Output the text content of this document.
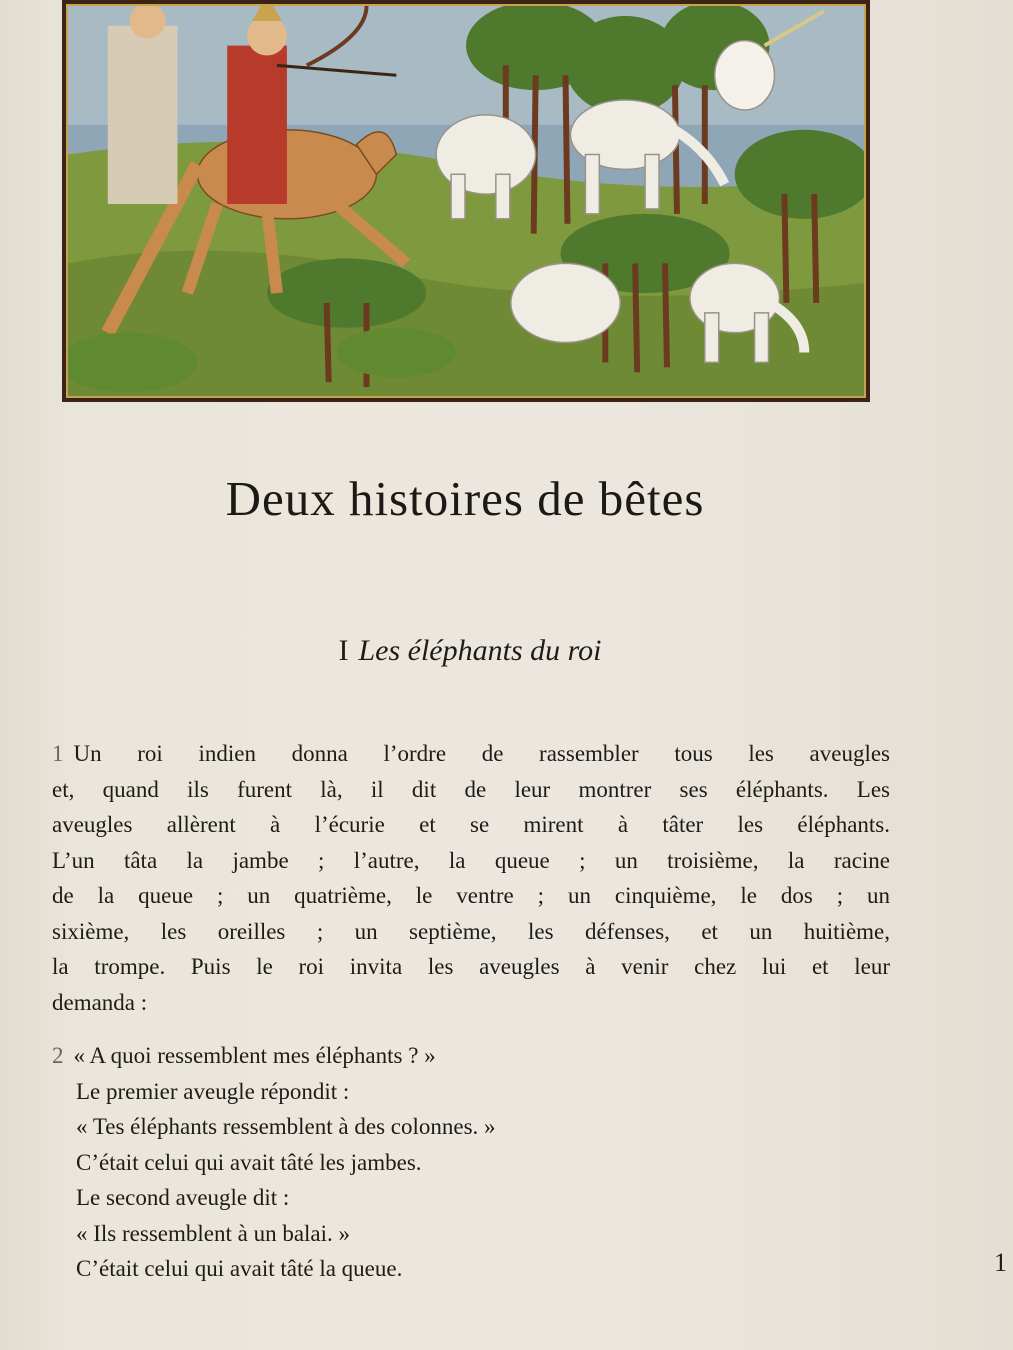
Deux histoires de bêtes
I Les éléphants du roi
1 Un roi indien donna l’ordre de rassembler tous les aveugles
et, quand ils furent là, il dit de leur montrer ses éléphants. Les
aveugles allèrent à l’écurie et se mirent à tâter les éléphants.
L’un tâta la jambe ; l’autre, la queue ; un troisième, la racine
de la queue ; un quatrième, le ventre ; un cinquième, le dos ; un
sixième, les oreilles ; un septième, les défenses, et un huitième,
la trompe. Puis le roi invita les aveugles à venir chez lui et leur
demanda :
2 « A quoi ressemblent mes éléphants ? »
Le premier aveugle répondit :
« Tes éléphants ressemblent à des colonnes. »
C’était celui qui avait tâté les jambes.
Le second aveugle dit :
« Ils ressemblent à un balai. »
C’était celui qui avait tâté la queue.	1
